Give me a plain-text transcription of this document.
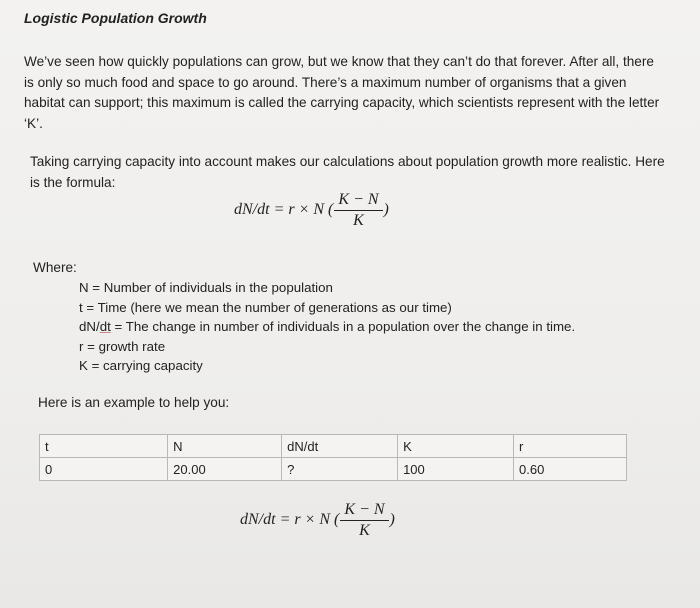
Logistic Population Growth
We’ve seen how quickly populations can grow, but we know that they can’t do that forever. After all, there is only so much food and space to go around. There’s a maximum number of organisms that a given habitat can support; this maximum is called the carrying capacity, which scientists represent with the letter ‘K’.
Taking carrying capacity into account makes our calculations about population growth more realistic. Here is the formula:
dN/dt = r × N ( $\frac{K - N}{K}$ )
Where:
N = Number of individuals in the population
t = Time (here we mean the number of generations as our time)
dN/dt = The change in number of individuals in a population over the change in time.
r = growth rate
K = carrying capacity
Here is an example to help you:
t	N	dN/dt	K	r
0	20.00	?	100	0.60
dN/dt = r × N ( $\frac{K - N}{K}$ )
